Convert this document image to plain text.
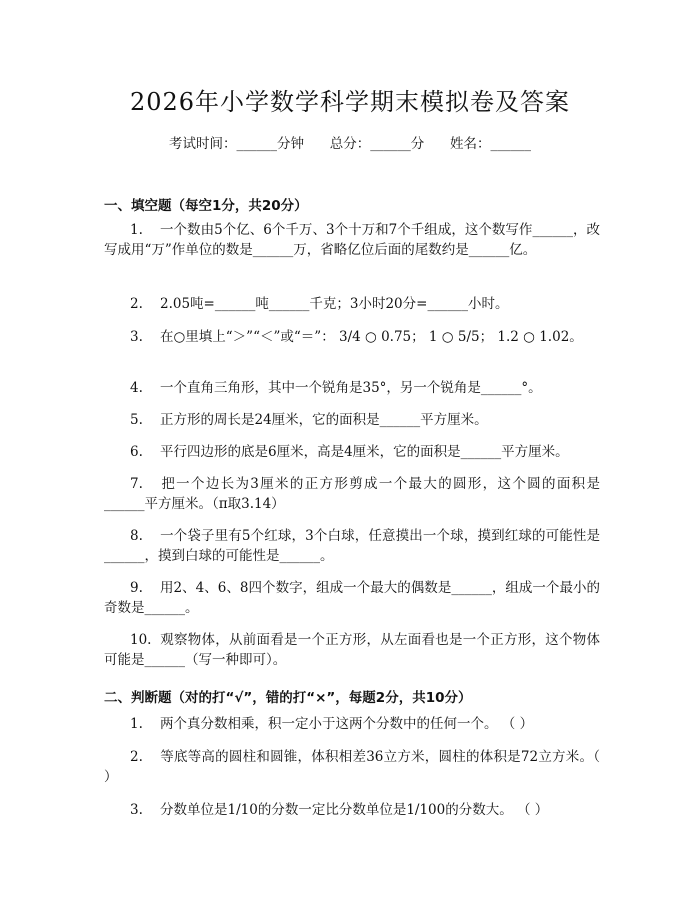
2026年小学数学科学期末模拟卷及答案
考试时间：______分钟      总分：______分      姓名：______
一、填空题（每空1分，共20分）
1. 一个数由5个亿、6个千万、3个十万和7个千组成，这个数写作______，改写成用“万”作单位的数是______万，省略亿位后面的尾数约是______亿。
2. 2.05吨=______吨______千克；3小时20分=______小时。
3. 在○里填上“＞”“＜”或“＝”： 3/4 ○ 0.75； 1 ○ 5/5； 1.2 ○ 1.02。
4. 一个直角三角形，其中一个锐角是35°，另一个锐角是______°。
5. 正方形的周长是24厘米，它的面积是______平方厘米。
6. 平行四边形的底是6厘米，高是4厘米，它的面积是______平方厘米。
7. 把一个边长为3厘米的正方形剪成一个最大的圆形，这个圆的面积是______平方厘米。（π取3.14）
8. 一个袋子里有5个红球，3个白球，任意摸出一个球，摸到红球的可能性是______，摸到白球的可能性是______。
9. 用2、4、6、8四个数字，组成一个最大的偶数是______，组成一个最小的奇数是______。
10. 观察物体，从前面看是一个正方形，从左面看也是一个正方形，这个物体可能是______（写一种即可）。
二、判断题（对的打“√”，错的打“×”，每题2分，共10分）
1. 两个真分数相乘，积一定小于这两个分数中的任何一个。 （ ）
2. 等底等高的圆柱和圆锥，体积相差36立方米，圆柱的体积是72立方米。（ ）
3. 分数单位是1/10的分数一定比分数单位是1/100的分数大。 （ ）
